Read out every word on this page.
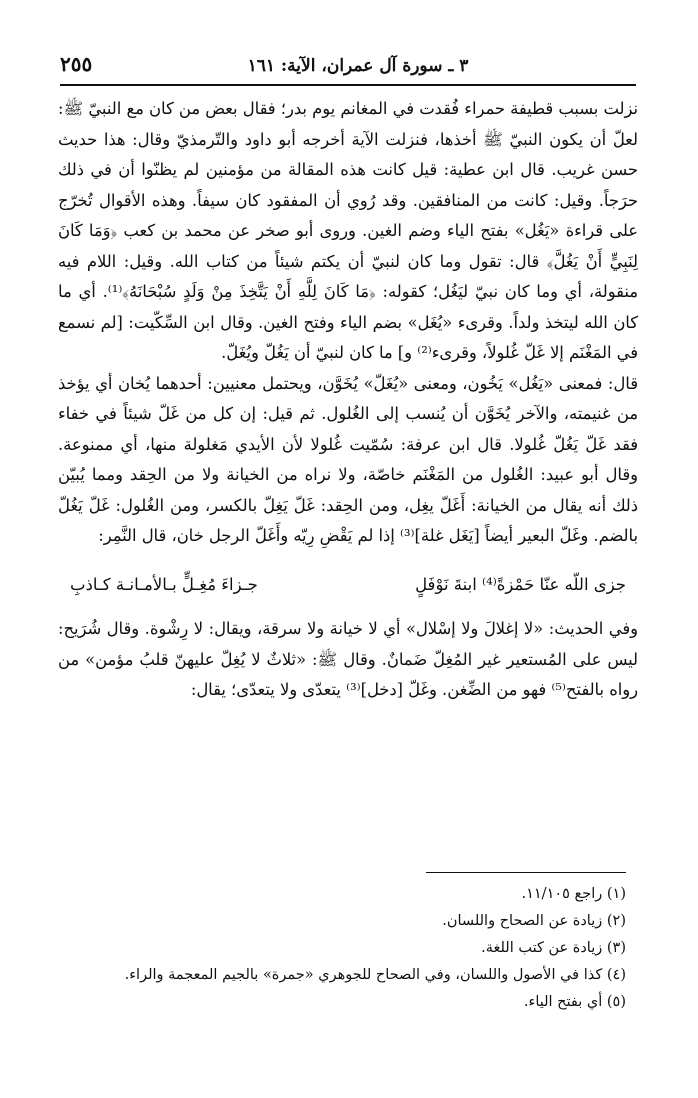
٣ ـ سورة آل عمران، الآية: ١٦١
٢٥٥

نزلت بسبب قطيفة حمراء فُقدت في المغانم يوم بدر؛ فقال بعض من كان مع النبيّ ﷺ: لعلّ أن يكون النبيّ ﷺ أخذها، فنزلت الآية أخرجه أبو داود والتّرمذيّ وقال: هذا حديث حسن غريب. قال ابن عطية: قيل كانت هذه المقالة من مؤمنين لم يظنّوا أن في ذلك حرَجاً. وقيل: كانت من المنافقين. وقد رُوي أن المفقود كان سيفاً. وهذه الأقوال تُخرّج على قراءة «يَغُل» بفتح الياء وضم الغين. وروى أبو صخر عن محمد بن كعب ﴿وَمَا كَانَ لِنَبِيٍّ أَنْ يَغُلَّ﴾ قال: تقول وما كان لنبيّ أن يكتم شيئاً من كتاب الله. وقيل: اللام فيه منقولة، أي وما كان نبيّ ليَغُل؛ كقوله: ﴿مَا كَانَ لِلَّهِ أَنْ يَتَّخِذَ مِنْ وَلَدٍ سُبْحَانَهُ﴾⁽¹⁾. أي ما كان الله ليتخذ ولداً. وقرىء «يُغَل» بضم الياء وفتح الغين. وقال ابن السِّكّيت: [لم نسمع في المَغْنَم إلا غَلّ غُلولاً، وقرىء⁽²⁾ و] ما كان لنبيّ أن يَغُلّ ويُغَلّ.

قال: فمعنى «يَغُل» يَخُون، ومعنى «يُغَلّ» يُخَوَّن، ويحتمل معنيين: أحدهما يُخان أي يؤخذ من غنيمته، والآخر يُخَوَّن أن يُنسب إلى الغُلول. ثم قيل: إن كل من غَلّ شيئاً في خفاء فقد غَلّ يَغُلّ غُلولا. قال ابن عرفة: سُمّيت غُلولا لأن الأيدي مَغلولة منها، أي ممنوعة. وقال أبو عبيد: الغُلول من المَغْنَم خاصّة، ولا نراه من الخيانة ولا من الحِقد ومما يُبيّن ذلك أنه يقال من الخيانة: أَغَلّ يغِل، ومن الحِقد: غَلّ يَغِلّ بالكسر، ومن الغُلول: غَلّ يَغُلّ بالضم. وغَلّ البعير أيضاً [يَغَل غلة]⁽³⁾ إذا لم يَقْضِ رِيّه وأَغَلّ الرجل خان، قال النَّمِر:

جزى اللّه عنّا حَمْزةً⁽⁴⁾ ابنةَ نَوْفَلٍ
جـزاءَ مُغِـلٍّ بـالأمـانـة كـاذبِ

وفي الحديث: «لا إغلالَ ولا إسْلال» أي لا خيانة ولا سرقة، ويقال: لا رِشْوة. وقال شُرَيح: ليس على المُستعير غير المُغِلّ ضَمانٌ. وقال ﷺ: «ثلاثٌ لا يُغِلّ عليهنّ قلبُ مؤمن» من رواه بالفتح⁽⁵⁾ فهو من الضِّغن. وغَلّ [دخل]⁽³⁾ يتعدّى ولا يتعدّى؛ يقال:

(١) راجع ١١/١٠٥.

(٢) زيادة عن الصحاح واللسان.

(٣) زيادة عن كتب اللغة.

(٤) كذا في الأصول واللسان، وفي الصحاح للجوهري «جمرة» بالجيم المعجمة والراء.

(٥) أي بفتح الياء.
